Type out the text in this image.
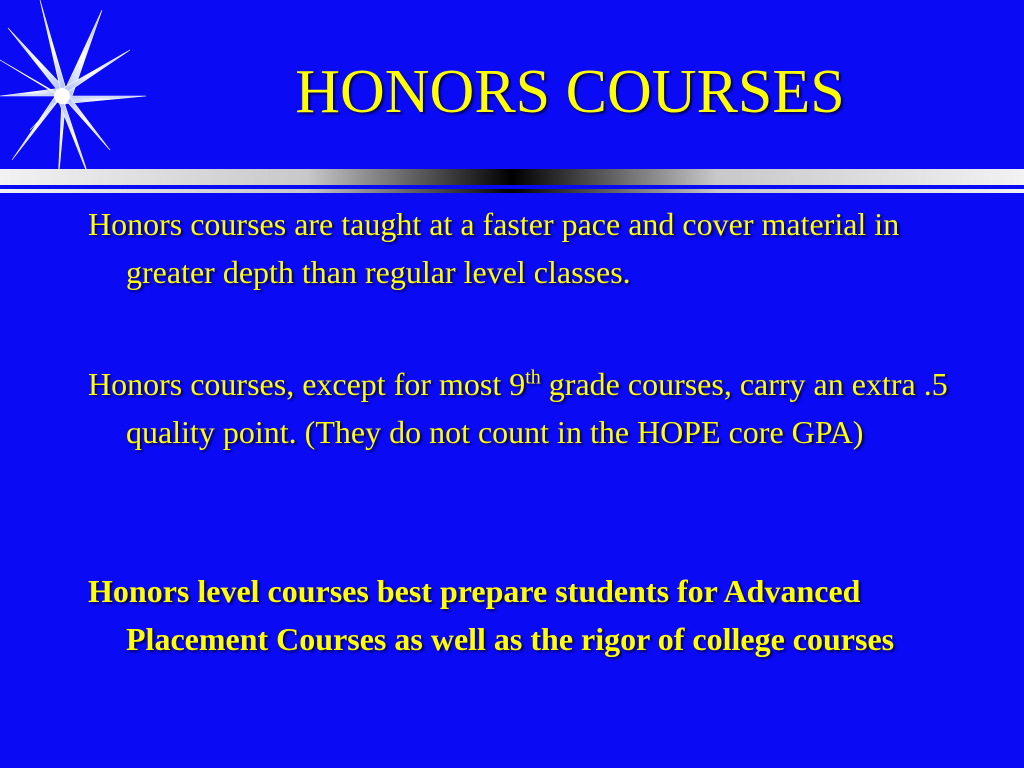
HONORS COURSES

Honors courses are taught at a faster pace and cover material in greater depth than regular level classes.

Honors courses, except for most 9th grade courses, carry an extra .5 quality point. (They do not count in the HOPE core GPA)

Honors level courses best prepare students for Advanced Placement Courses as well as the rigor of college courses
